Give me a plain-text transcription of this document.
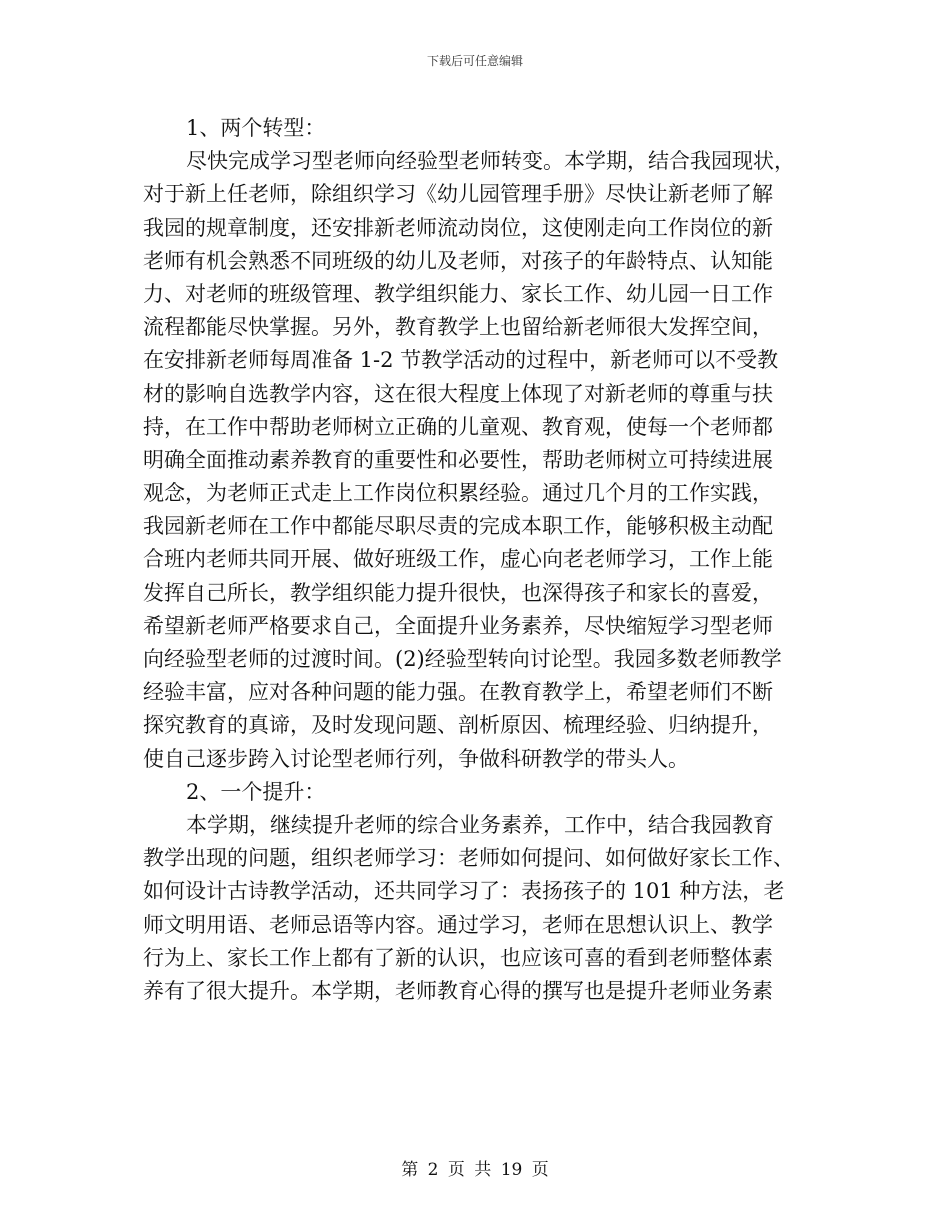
下载后可任意编辑
1、两个转型：
尽快完成学习型老师向经验型老师转变。本学期，结合我园现状，
对于新上任老师，除组织学习《幼儿园管理手册》尽快让新老师了解
我园的规章制度，还安排新老师流动岗位，这使刚走向工作岗位的新
老师有机会熟悉不同班级的幼儿及老师，对孩子的年龄特点、认知能
力、对老师的班级管理、教学组织能力、家长工作、幼儿园一日工作
流程都能尽快掌握。另外，教育教学上也留给新老师很大发挥空间，
在安排新老师每周准备 1-2 节教学活动的过程中，新老师可以不受教
材的影响自选教学内容，这在很大程度上体现了对新老师的尊重与扶
持，在工作中帮助老师树立正确的儿童观、教育观，使每一个老师都
明确全面推动素养教育的重要性和必要性，帮助老师树立可持续进展
观念，为老师正式走上工作岗位积累经验。通过几个月的工作实践，
我园新老师在工作中都能尽职尽责的完成本职工作，能够积极主动配
合班内老师共同开展、做好班级工作，虚心向老老师学习，工作上能
发挥自己所长，教学组织能力提升很快，也深得孩子和家长的喜爱，
希望新老师严格要求自己，全面提升业务素养，尽快缩短学习型老师
向经验型老师的过渡时间。(2)经验型转向讨论型。我园多数老师教学
经验丰富，应对各种问题的能力强。在教育教学上，希望老师们不断
探究教育的真谛，及时发现问题、剖析原因、梳理经验、归纳提升，
使自己逐步跨入讨论型老师行列，争做科研教学的带头人。
2、一个提升：
本学期，继续提升老师的综合业务素养，工作中，结合我园教育
教学出现的问题，组织老师学习：老师如何提问、如何做好家长工作、
如何设计古诗教学活动，还共同学习了：表扬孩子的 101 种方法，老
师文明用语、老师忌语等内容。通过学习，老师在思想认识上、教学
行为上、家长工作上都有了新的认识，也应该可喜的看到老师整体素
养有了很大提升。本学期，老师教育心得的撰写也是提升老师业务素
第 2 页 共 19 页
